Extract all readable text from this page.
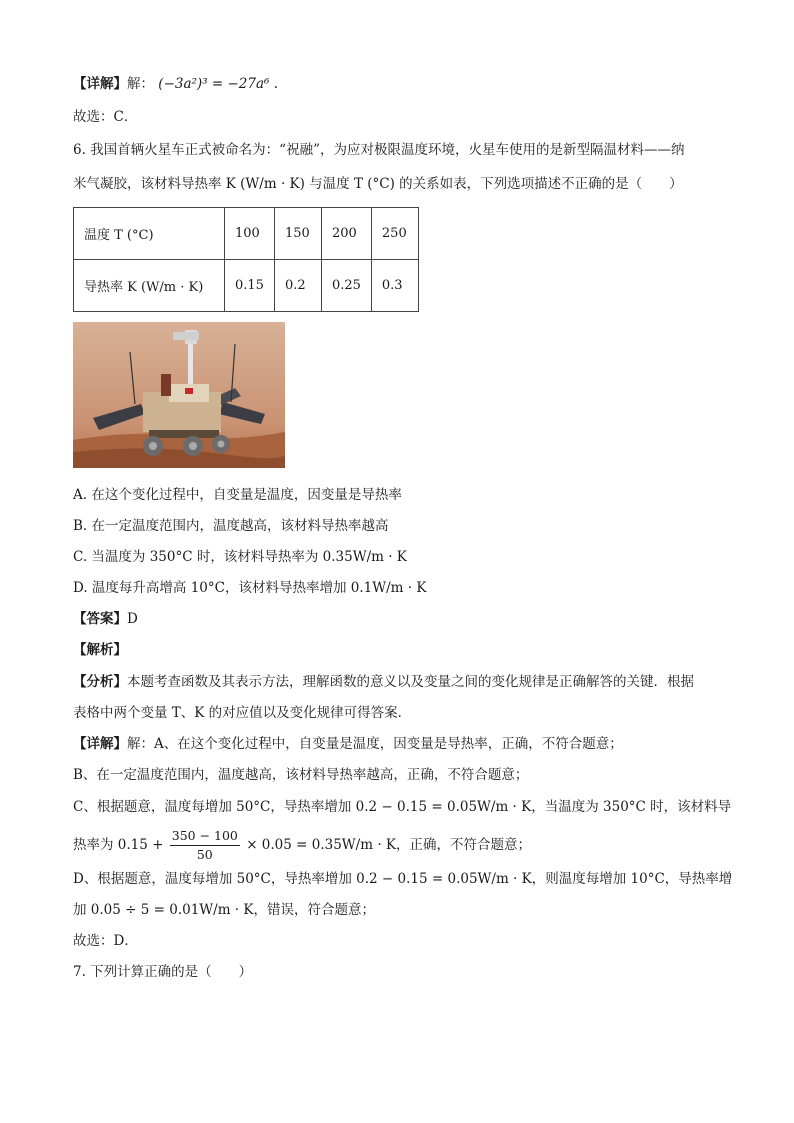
【详解】解： (−3a²)³ = −27a⁶ .
故选：C．
6. 我国首辆火星车正式被命名为：“祝融”，为应对极限温度环境，火星车使用的是新型隔温材料——纳
米气凝胶，该材料导热率 K (W/m · K) 与温度 T (°C) 的关系如表，下列选项描述不正确的是（　　）
温度 T (°C)	100	150	200	250
导热率 K (W/m · K)	0.15	0.2	0.25	0.3
A. 在这个变化过程中，自变量是温度，因变量是导热率
B. 在一定温度范围内，温度越高，该材料导热率越高
C. 当温度为 350°C 时，该材料导热率为 0.35W/m · K
D. 温度每升高增高 10°C，该材料导热率增加 0.1W/m · K
【答案】D
【解析】
【分析】本题考查函数及其表示方法，理解函数的意义以及变量之间的变化规律是正确解答的关键．根据
表格中两个变量 T、K 的对应值以及变化规律可得答案．
【详解】解：A、在这个变化过程中，自变量是温度，因变量是导热率，正确，不符合题意；
B、在一定温度范围内，温度越高，该材料导热率越高，正确，不符合题意；
C、根据题意，温度每增加 50°C，导热率增加 0.2 − 0.15 = 0.05W/m · K，当温度为 350°C 时，该材料导
热率为 $0.15 + \frac{350 - 100}{50} \times 0.05 = 0.35W/m \cdot K$，正确，不符合题意；
D、根据题意，温度每增加 50°C，导热率增加 0.2 − 0.15 = 0.05W/m · K，则温度每增加 10°C，导热率增
加 0.05 ÷ 5 = 0.01W/m · K，错误，符合题意；
故选：D．
7. 下列计算正确的是（　　）
